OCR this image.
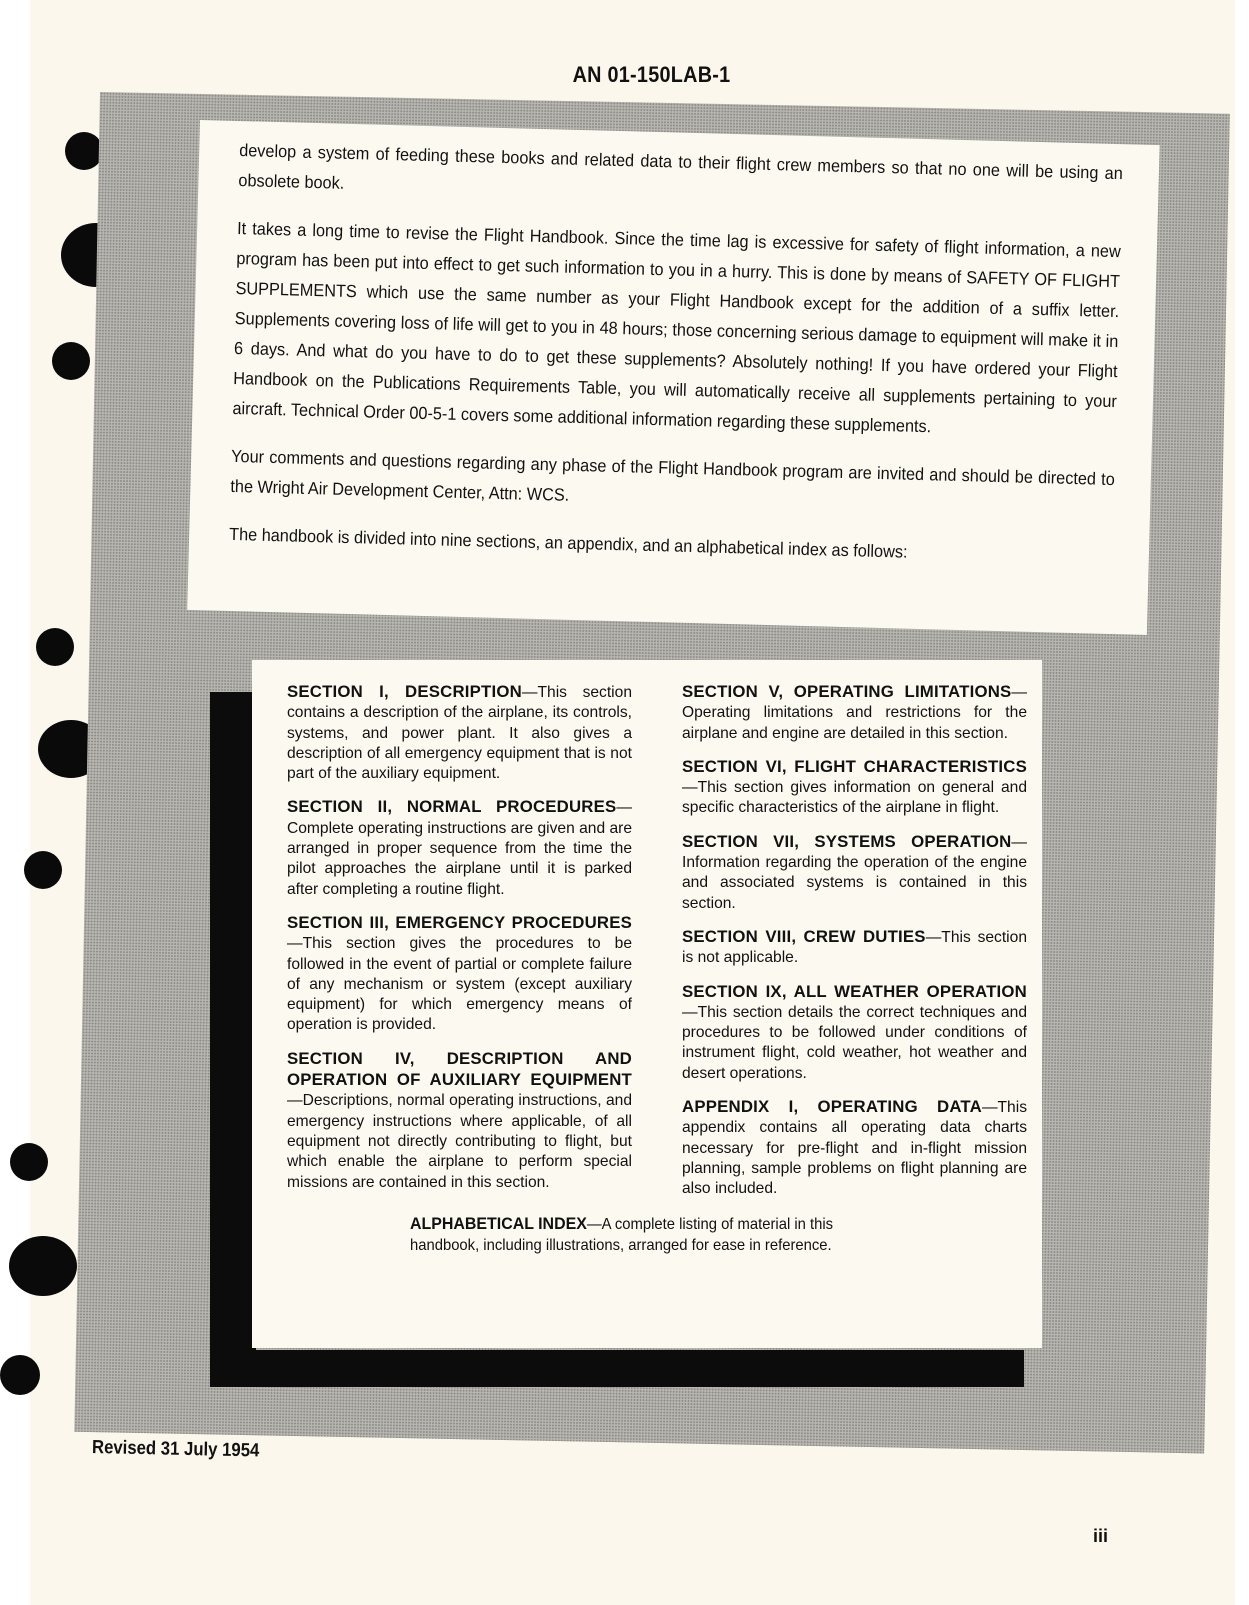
AN 01-150LAB-1

develop a system of feeding these books and related data to their flight crew members so that no one will be using an obsolete book.

It takes a long time to revise the Flight Handbook. Since the time lag is excessive for safety of flight information, a new program has been put into effect to get such information to you in a hurry. This is done by means of SAFETY OF FLIGHT SUPPLEMENTS which use the same number as your Flight Handbook except for the addition of a suffix letter. Supplements covering loss of life will get to you in 48 hours; those concerning serious damage to equipment will make it in 6 days. And what do you have to do to get these supplements? Absolutely nothing! If you have ordered your Flight Handbook on the Publications Requirements Table, you will automatically receive all supplements pertaining to your aircraft. Technical Order 00-5-1 covers some additional information regarding these supplements.

Your comments and questions regarding any phase of the Flight Handbook program are invited and should be directed to the Wright Air Development Center, Attn: WCS.

The handbook is divided into nine sections, an appendix, and an alphabetical index as follows:

SECTION I, DESCRIPTION—This section contains a description of the airplane, its controls, systems, and power plant. It also gives a description of all emergency equipment that is not part of the auxiliary equipment.

SECTION II, NORMAL PROCEDURES—Complete operating instructions are given and are arranged in proper sequence from the time the pilot approaches the airplane until it is parked after completing a routine flight.

SECTION III, EMERGENCY PROCEDURES—This section gives the procedures to be followed in the event of partial or complete failure of any mechanism or system (except auxiliary equipment) for which emergency means of operation is provided.

SECTION IV, DESCRIPTION AND OPERATION OF AUXILIARY EQUIPMENT—Descriptions, normal operating instructions, and emergency instructions where applicable, of all equipment not directly contributing to flight, but which enable the airplane to perform special missions are contained in this section.

SECTION V, OPERATING LIMITATIONS—Operating limitations and restrictions for the airplane and engine are detailed in this section.

SECTION VI, FLIGHT CHARACTERISTICS—This section gives information on general and specific characteristics of the airplane in flight.

SECTION VII, SYSTEMS OPERATION—Information regarding the operation of the engine and associated systems is contained in this section.

SECTION VIII, CREW DUTIES—This section is not applicable.

SECTION IX, ALL WEATHER OPERATION—This section details the correct techniques and procedures to be followed under conditions of instrument flight, cold weather, hot weather and desert operations.

APPENDIX I, OPERATING DATA—This appendix contains all operating data charts necessary for pre-flight and in-flight mission planning, sample problems on flight planning are also included.

ALPHABETICAL INDEX—A complete listing of material in this handbook, including illustrations, arranged for ease in reference.

Revised 31 July 1954
iii
